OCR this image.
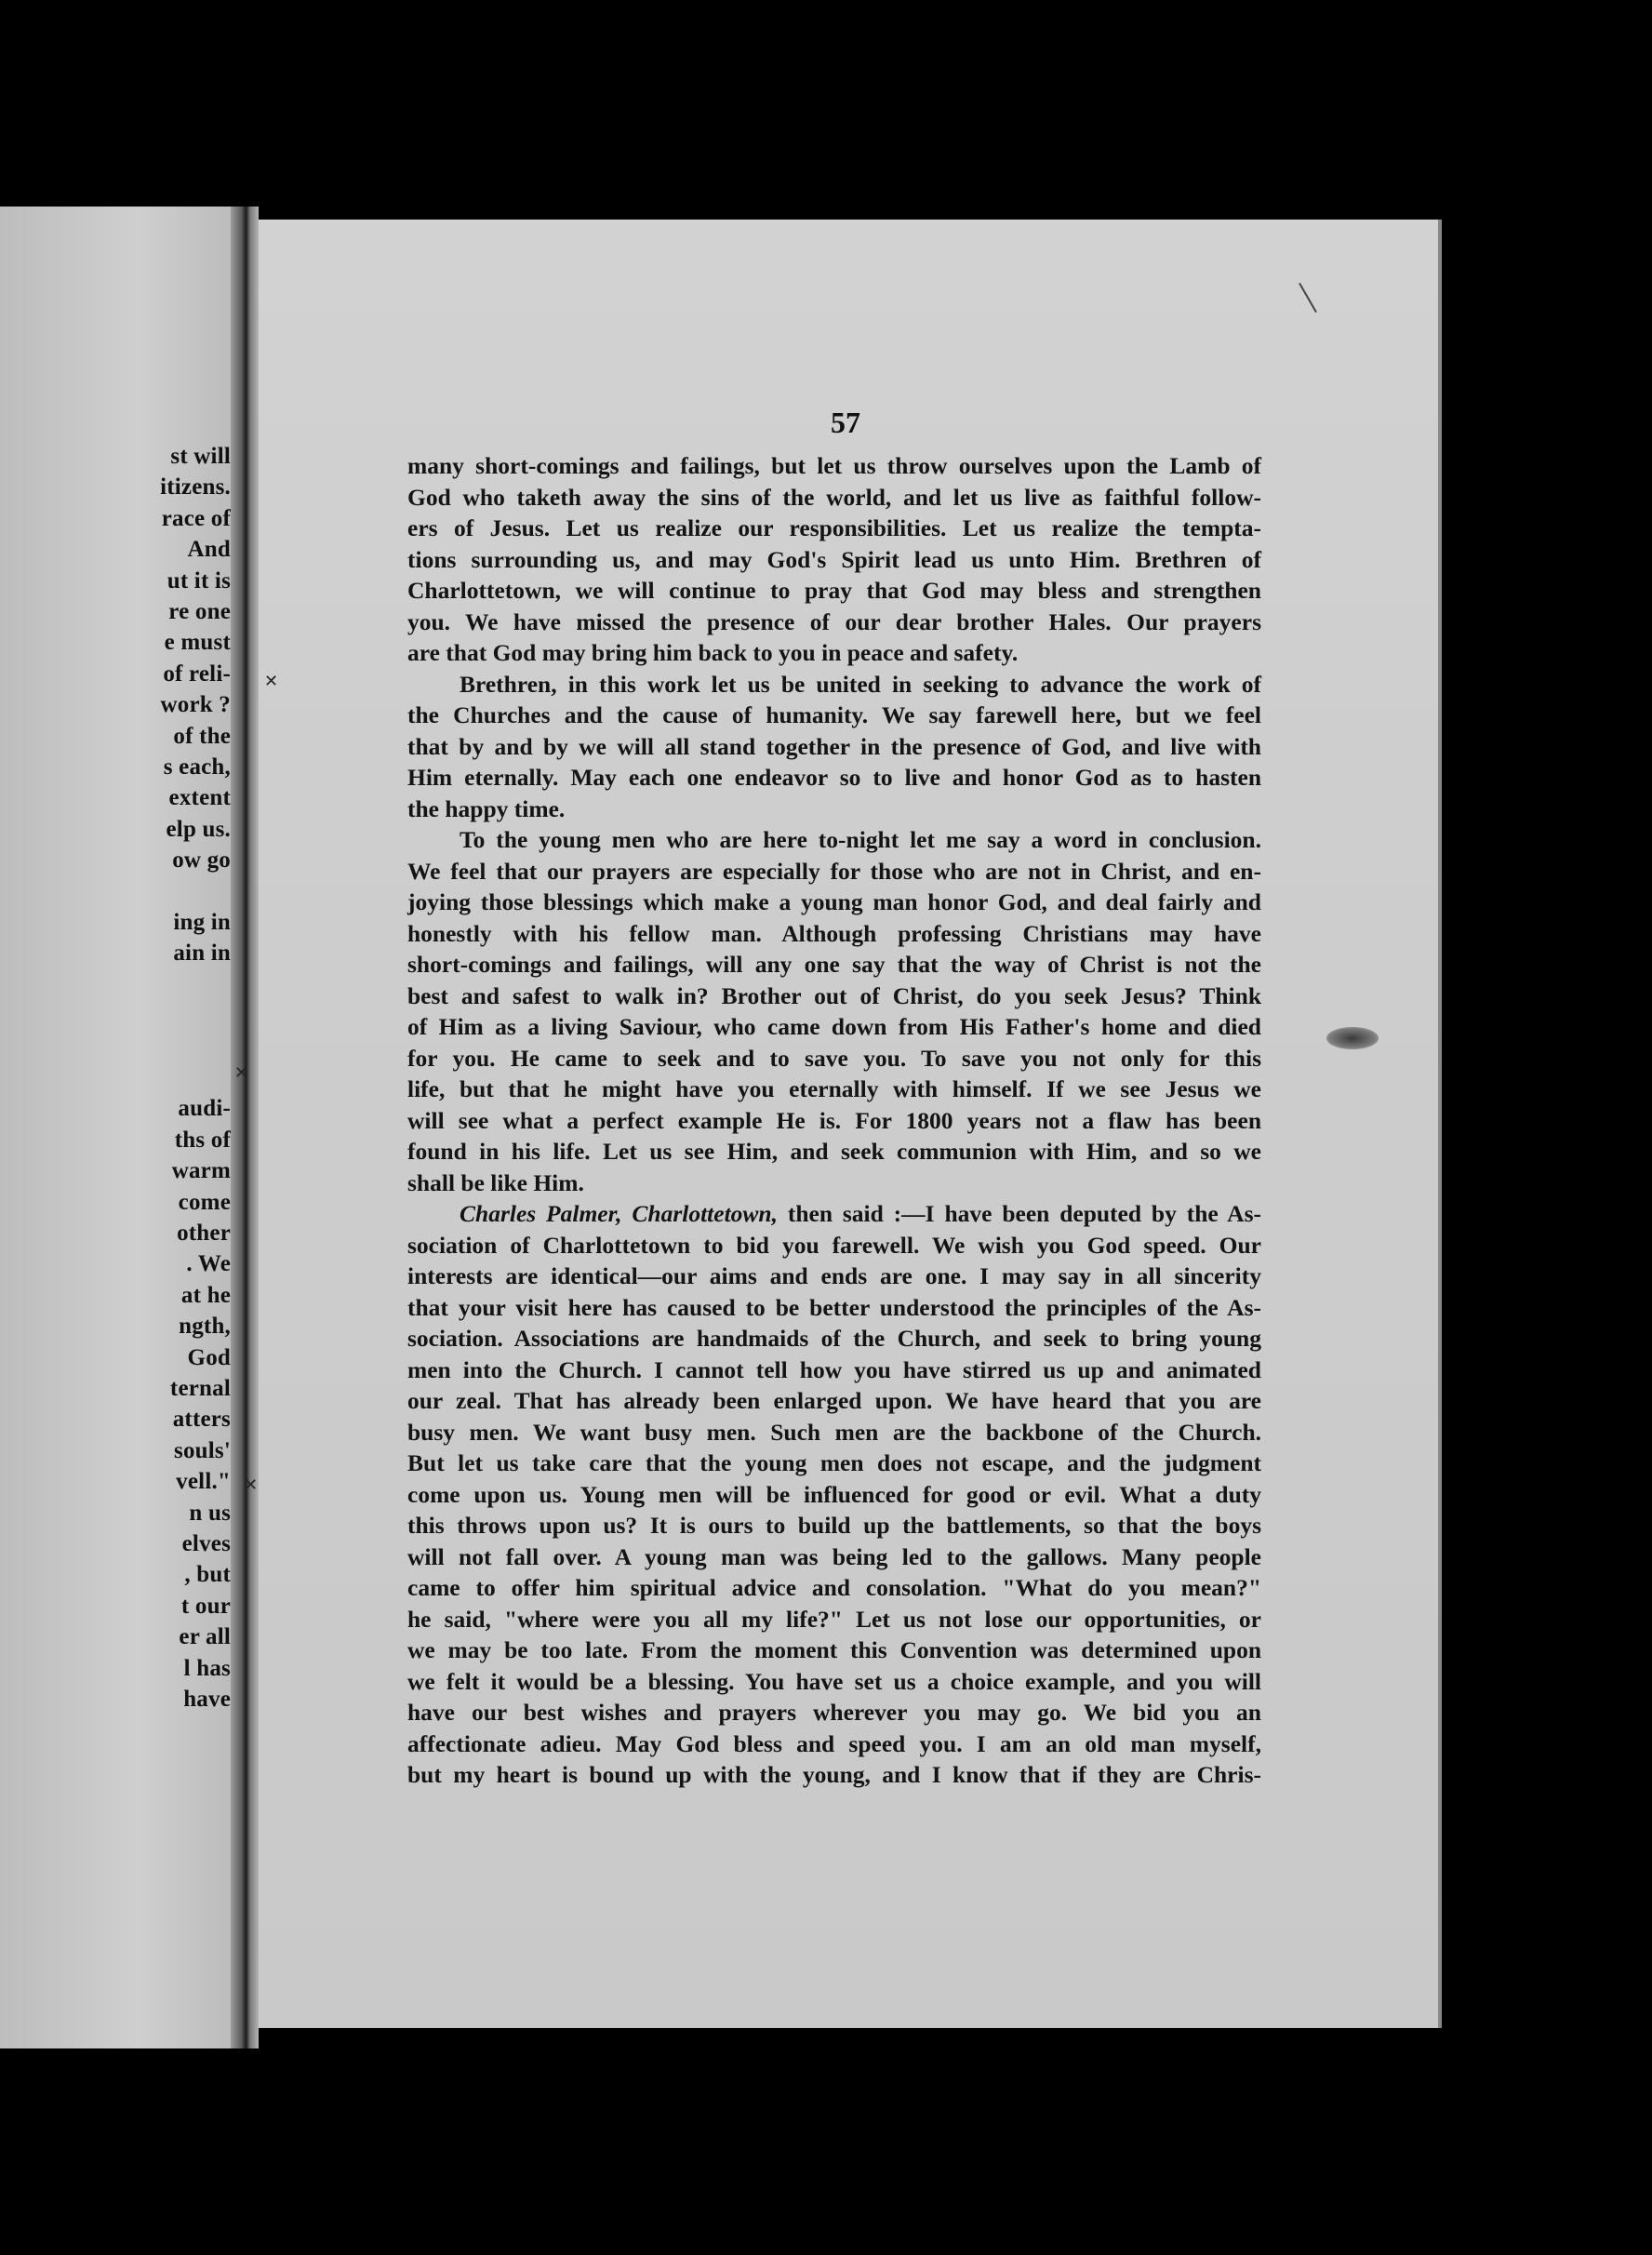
st will
itizens.
race of
And
ut it is
re one
e must
of reli-
work ?
of the
s each,
extent
elp us.
ow go
ing in
ain in
audi-
ths of
warm
come
other
. We
at he
ngth,
God
ternal
atters
souls'
vell."
n us
elves
, but
t our
er all
l has
have
✕
✕
✕
57
many short-comings and failings, but let us throw ourselves upon the Lamb of
God who taketh away the sins of the world, and let us live as faithful follow-
ers of Jesus. Let us realize our responsibilities. Let us realize the tempta-
tions surrounding us, and may God's Spirit lead us unto Him. Brethren of
Charlottetown, we will continue to pray that God may bless and strengthen
you. We have missed the presence of our dear brother Hales. Our prayers
are that God may bring him back to you in peace and safety.
Brethren, in this work let us be united in seeking to advance the work of
the Churches and the cause of humanity. We say farewell here, but we feel
that by and by we will all stand together in the presence of God, and live with
Him eternally. May each one endeavor so to live and honor God as to hasten
the happy time.
To the young men who are here to-night let me say a word in conclusion.
We feel that our prayers are especially for those who are not in Christ, and en-
joying those blessings which make a young man honor God, and deal fairly and
honestly with his fellow man. Although professing Christians may have
short-comings and failings, will any one say that the way of Christ is not the
best and safest to walk in? Brother out of Christ, do you seek Jesus? Think
of Him as a living Saviour, who came down from His Father's home and died
for you. He came to seek and to save you. To save you not only for this
life, but that he might have you eternally with himself. If we see Jesus we
will see what a perfect example He is. For 1800 years not a flaw has been
found in his life. Let us see Him, and seek communion with Him, and so we
shall be like Him.
Charles Palmer, Charlottetown, then said :—I have been deputed by the As-
sociation of Charlottetown to bid you farewell. We wish you God speed. Our
interests are identical—our aims and ends are one. I may say in all sincerity
that your visit here has caused to be better understood the principles of the As-
sociation. Associations are handmaids of the Church, and seek to bring young
men into the Church. I cannot tell how you have stirred us up and animated
our zeal. That has already been enlarged upon. We have heard that you are
busy men. We want busy men. Such men are the backbone of the Church.
But let us take care that the young men does not escape, and the judgment
come upon us. Young men will be influenced for good or evil. What a duty
this throws upon us? It is ours to build up the battlements, so that the boys
will not fall over. A young man was being led to the gallows. Many people
came to offer him spiritual advice and consolation. "What do you mean?"
he said, "where were you all my life?" Let us not lose our opportunities, or
we may be too late. From the moment this Convention was determined upon
we felt it would be a blessing. You have set us a choice example, and you will
have our best wishes and prayers wherever you may go. We bid you an
affectionate adieu. May God bless and speed you. I am an old man myself,
but my heart is bound up with the young, and I know that if they are Chris-
